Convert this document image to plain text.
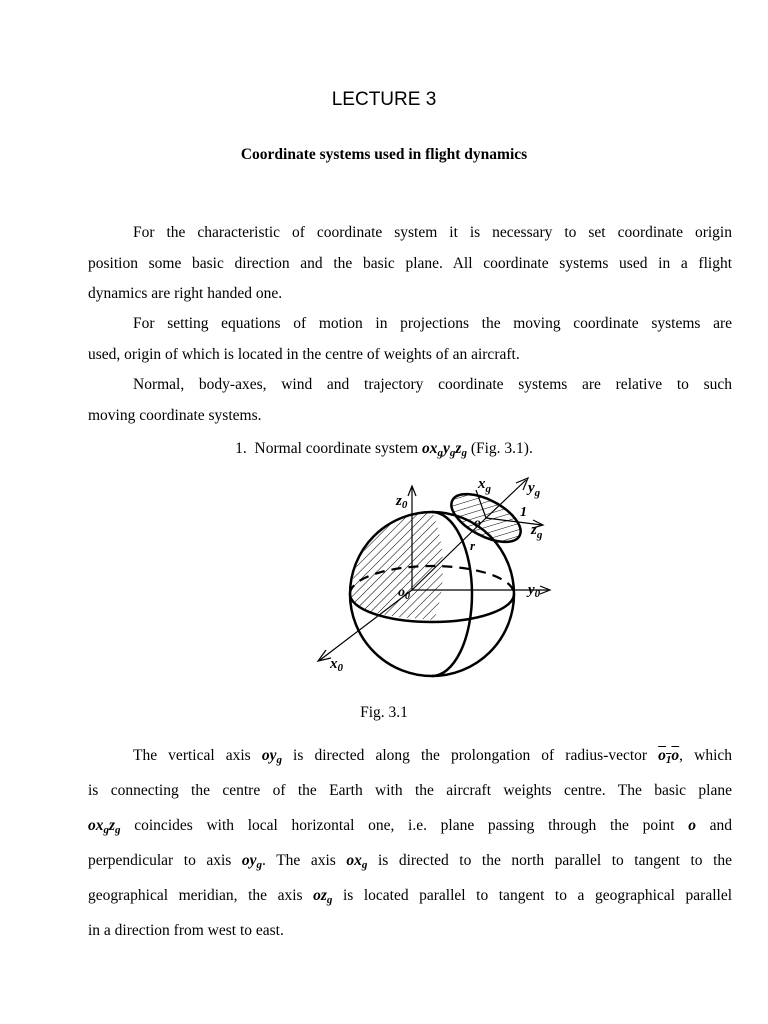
LECTURE 3
Coordinate systems used in flight dynamics
For the characteristic of coordinate system it is necessary to set coordinate origin
position some basic direction and the basic plane. All coordinate systems used in a flight
dynamics are right handed one.
For setting equations of motion in projections the moving coordinate systems are
used, origin of which is located in the centre of weights of an aircraft.
Normal, body-axes, wind and trajectory coordinate systems are relative to such
moving coordinate systems.
1. Normal coordinate system $ox_gy_gz_g$ (Fig. 3.1).
$z_0$
$y_0$
$x_0$
$o_0$
$x_g$ $y_g$
$z_g$
o
r
1
Fig. 3.1
The vertical axis $oy_g$ is directed along the prolongation of radius-vector $o_1o$, which
is connecting the centre of the Earth with the aircraft weights centre. The basic plane
$ox_gz_g$ coincides with local horizontal one, i.e. plane passing through the point o and
perpendicular to axis $oy_g$. The axis $ox_g$ is directed to the north parallel to tangent to the
geographical meridian, the axis $oz_g$ is located parallel to tangent to a geographical parallel
in a direction from west to east.
